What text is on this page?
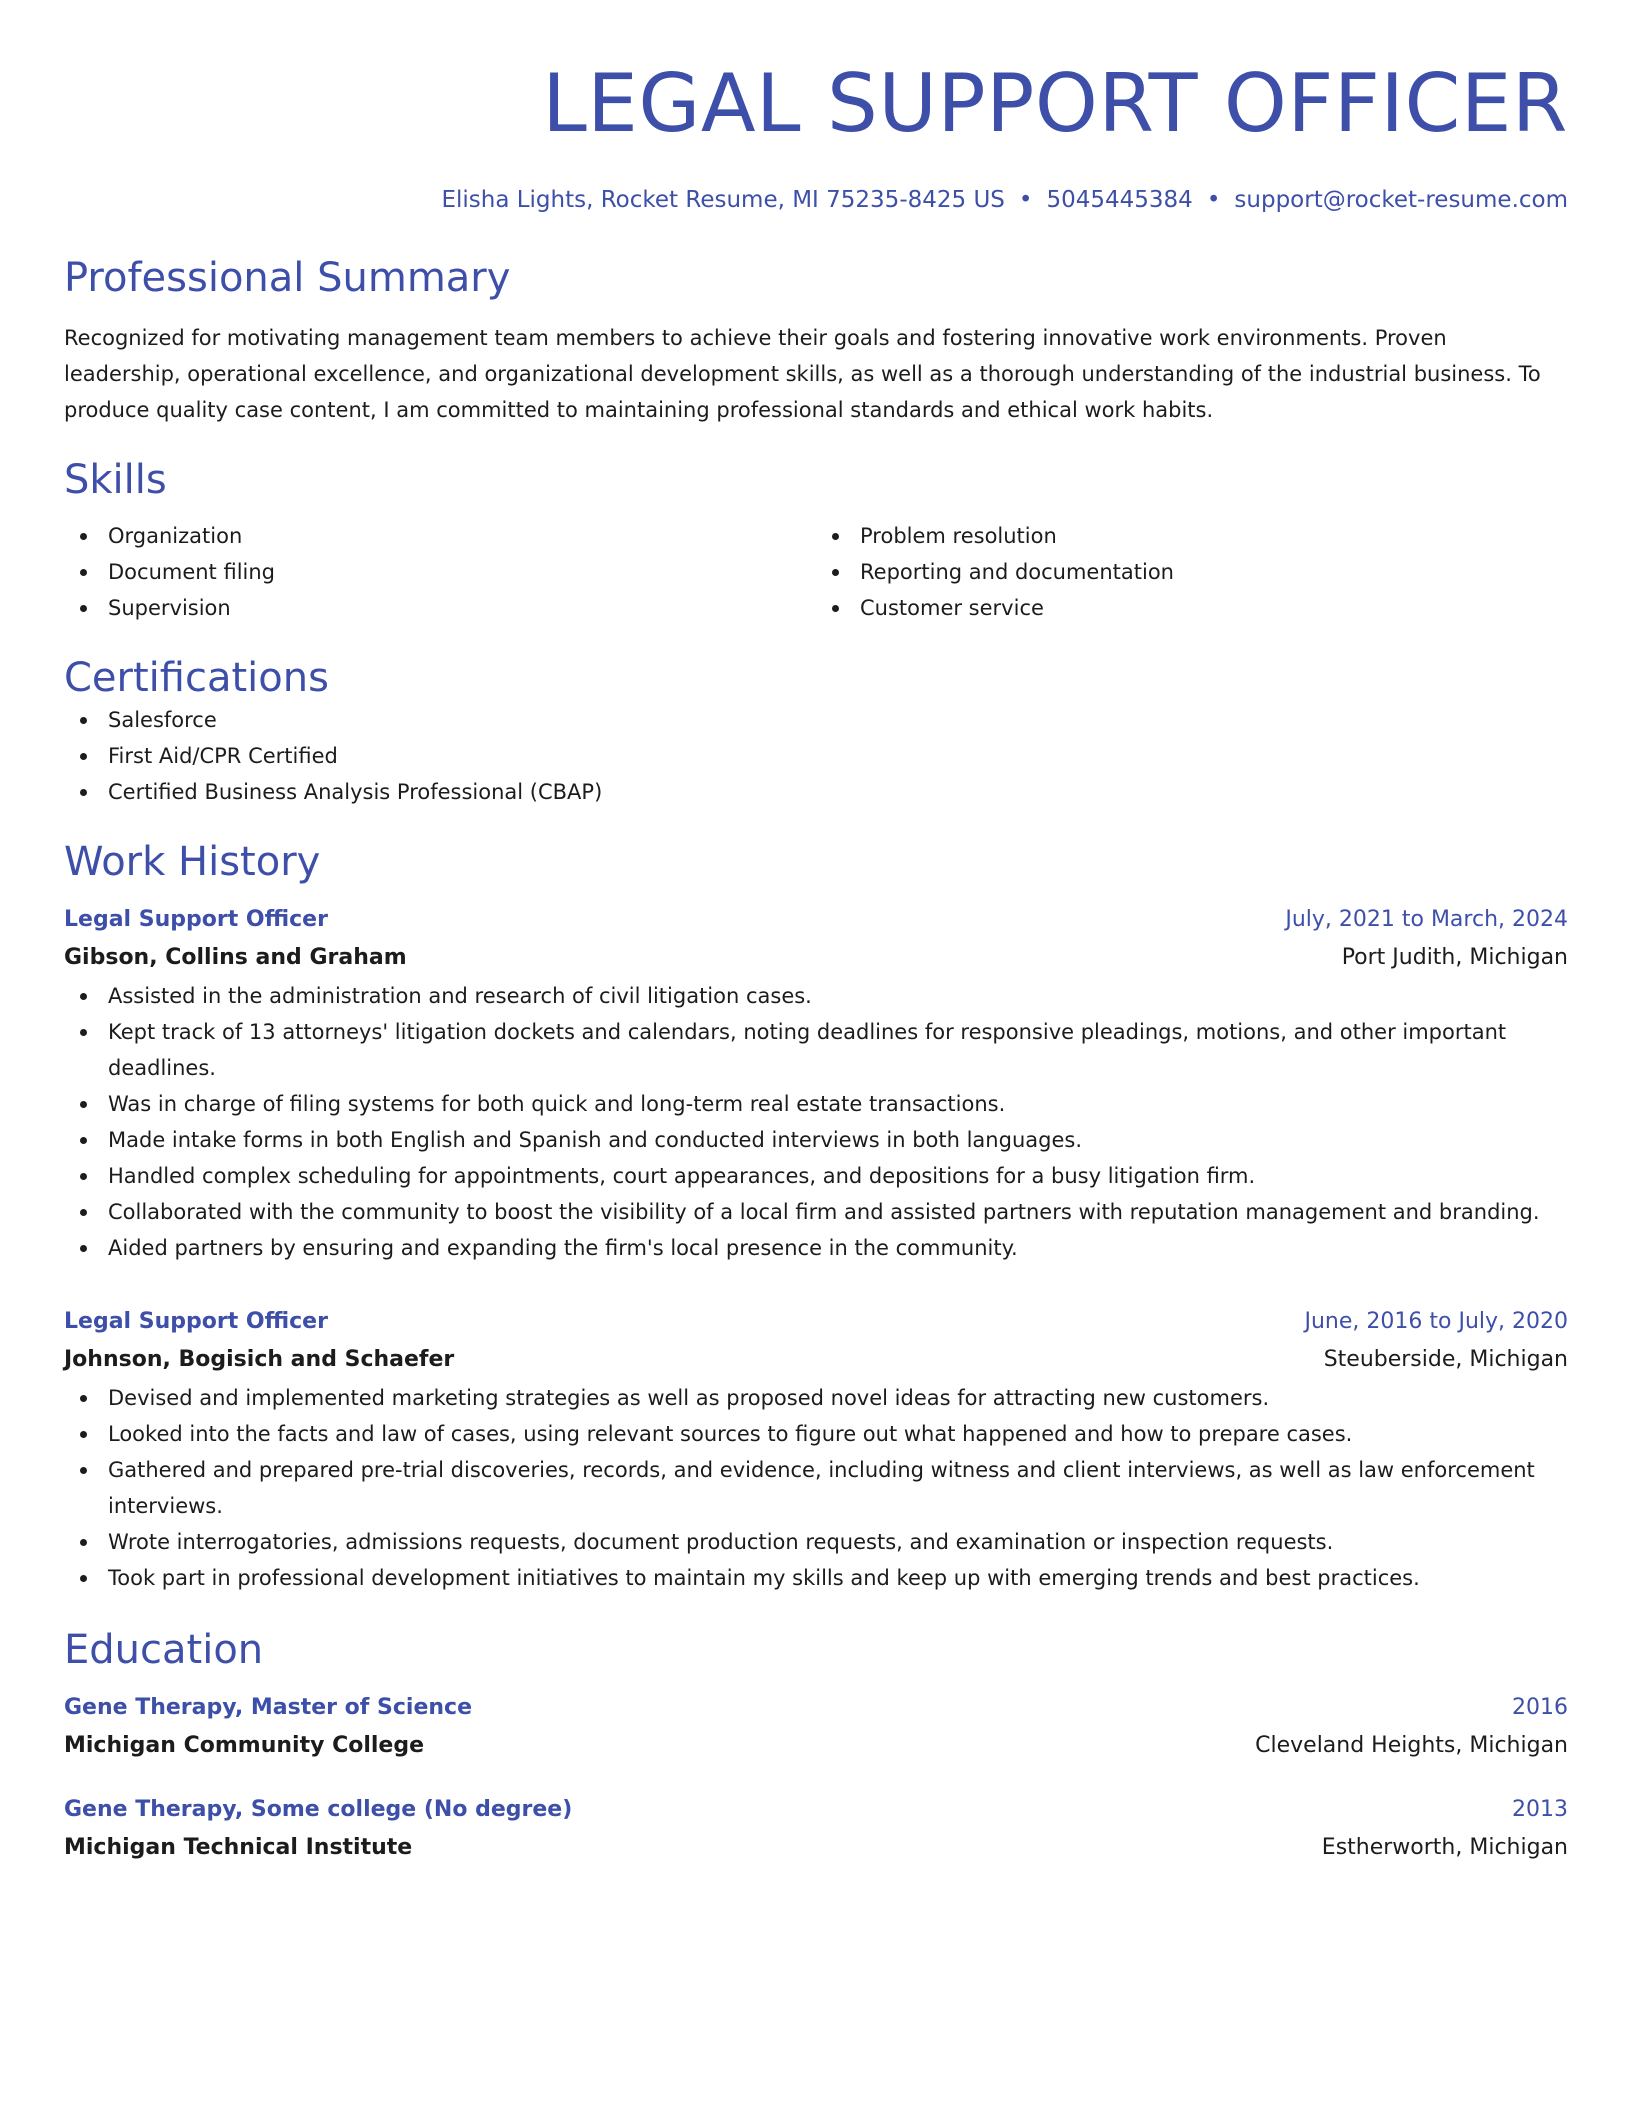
LEGAL SUPPORT OFFICER
Elisha Lights, Rocket Resume, MI 75235-8425 US • 5045445384 • support@rocket-resume.com
Professional Summary
Recognized for motivating management team members to achieve their goals and fostering innovative work environments. Proven leadership, operational excellence, and organizational development skills, as well as a thorough understanding of the industrial business. To produce quality case content, I am committed to maintaining professional standards and ethical work habits.
Skills
Organization
Document filing
Supervision
Problem resolution
Reporting and documentation
Customer service
Certifications
Salesforce
First Aid/CPR Certified
Certified Business Analysis Professional (CBAP)
Work History
Legal Support Officer	July, 2021 to March, 2024
Gibson, Collins and Graham	Port Judith, Michigan
Assisted in the administration and research of civil litigation cases.
Kept track of 13 attorneys' litigation dockets and calendars, noting deadlines for responsive pleadings, motions, and other important deadlines.
Was in charge of filing systems for both quick and long-term real estate transactions.
Made intake forms in both English and Spanish and conducted interviews in both languages.
Handled complex scheduling for appointments, court appearances, and depositions for a busy litigation firm.
Collaborated with the community to boost the visibility of a local firm and assisted partners with reputation management and branding.
Aided partners by ensuring and expanding the firm's local presence in the community.
Legal Support Officer	June, 2016 to July, 2020
Johnson, Bogisich and Schaefer	Steuberside, Michigan
Devised and implemented marketing strategies as well as proposed novel ideas for attracting new customers.
Looked into the facts and law of cases, using relevant sources to figure out what happened and how to prepare cases.
Gathered and prepared pre-trial discoveries, records, and evidence, including witness and client interviews, as well as law enforcement interviews.
Wrote interrogatories, admissions requests, document production requests, and examination or inspection requests.
Took part in professional development initiatives to maintain my skills and keep up with emerging trends and best practices.
Education
Gene Therapy, Master of Science	2016
Michigan Community College	Cleveland Heights, Michigan
Gene Therapy, Some college (No degree)	2013
Michigan Technical Institute	Estherworth, Michigan
